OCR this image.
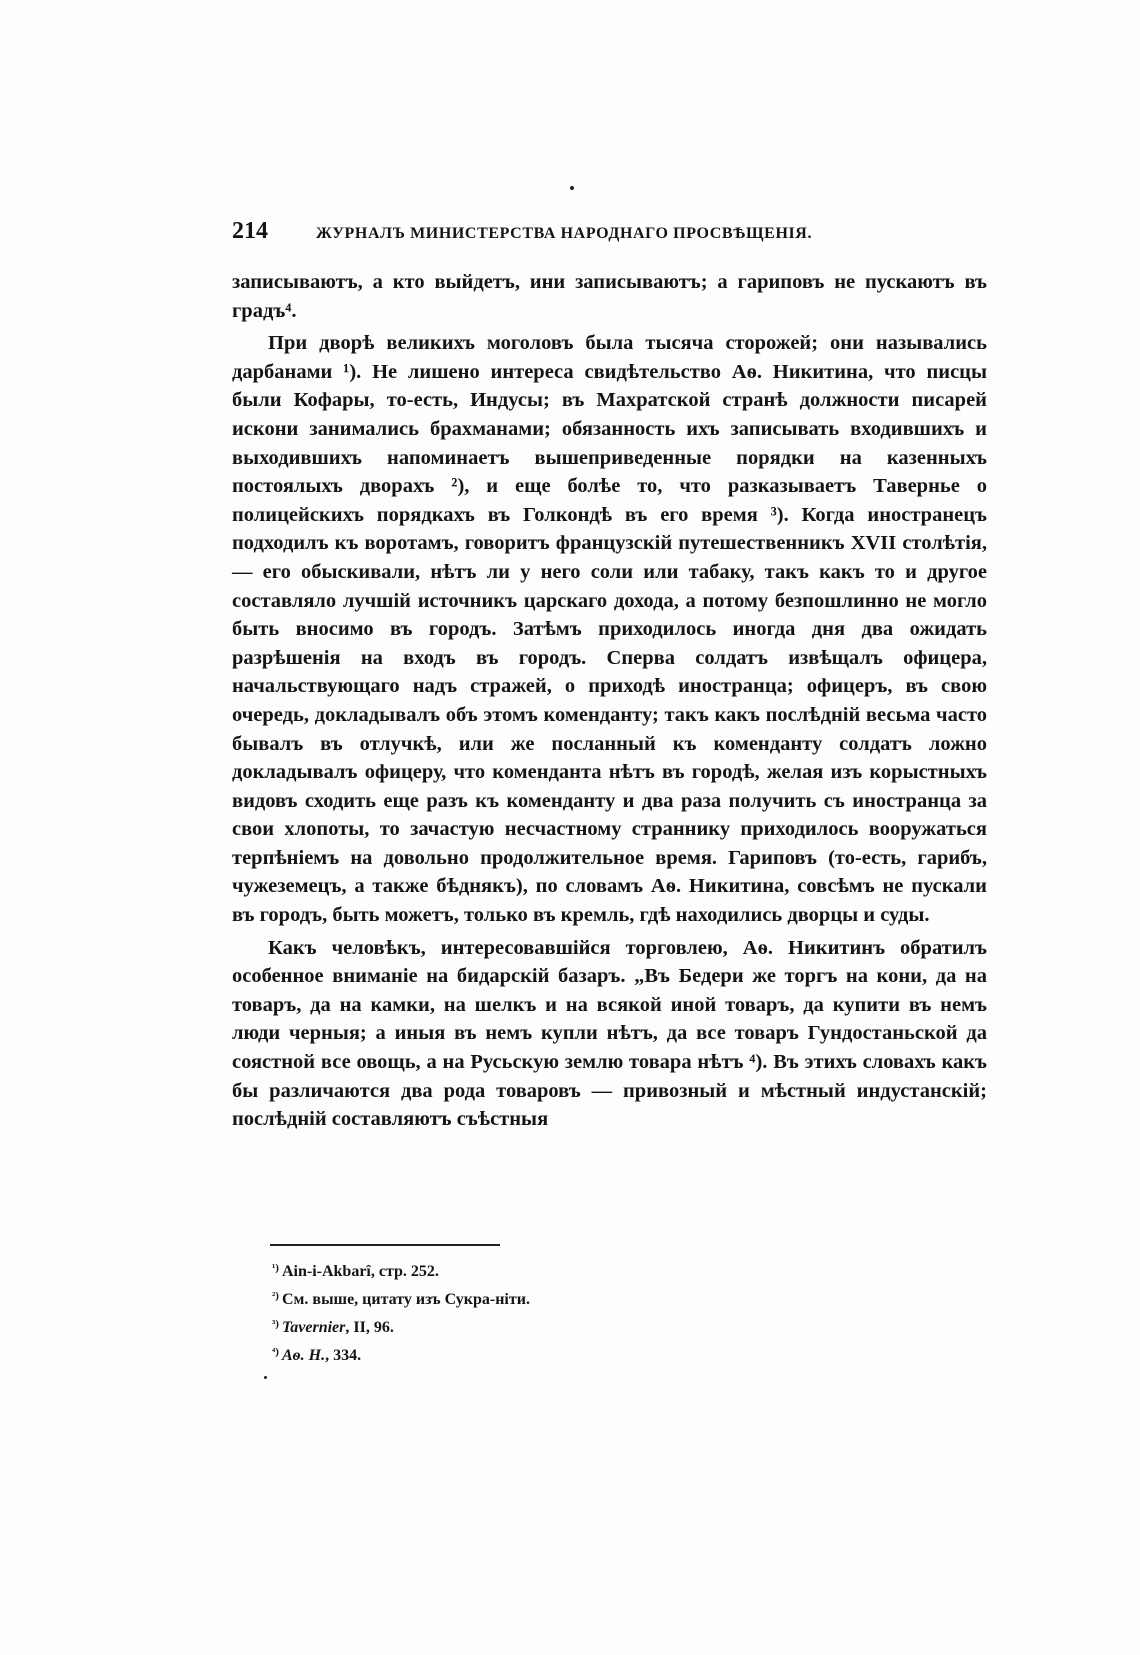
214	ЖУРНАЛЪ МИНИСТЕРСТВА НАРОДНАГО ПРОСВѢЩЕНІЯ.

записываютъ, а кто выйдетъ, ини записываютъ; а гариповъ не пускаютъ въ градъ⁴.

При дворѣ великихъ моголовъ была тысяча сторожей; они назывались дарбанами ¹). Не лишено интереса свидѣтельство Аѳ. Никитина, что писцы были Кофары, то-есть, Индусы; въ Махратской странѣ должности писарей искони занимались брахманами; обязанность ихъ записывать входившихъ и выходившихъ напоминаетъ вышеприведенные порядки на казенныхъ постоялыхъ дворахъ ²), и еще болѣе то, что разказываетъ Тавернье о полицейскихъ порядкахъ въ Голкондѣ въ его время ³). Когда иностранецъ подходилъ къ воротамъ, говоритъ французскій путешественникъ XVII столѣтія, — его обыскивали, нѣтъ ли у него соли или табаку, такъ какъ то и другое составляло лучшій источникъ царскаго дохода, а потому безпошлинно не могло быть вносимо въ городъ. Затѣмъ приходилось иногда дня два ожидать разрѣшенія на входъ въ городъ. Сперва солдатъ извѣщалъ офицера, начальствующаго надъ стражей, о приходѣ иностранца; офицеръ, въ свою очередь, докладывалъ объ этомъ коменданту; такъ какъ послѣдній весьма часто бывалъ въ отлучкѣ, или же посланный къ коменданту солдатъ ложно докладывалъ офицеру, что коменданта нѣтъ въ городѣ, желая изъ корыстныхъ видовъ сходить еще разъ къ коменданту и два раза получить съ иностранца за свои хлопоты, то зачастую несчастному страннику приходилось вооружаться терпѣніемъ на довольно продолжительное время. Гариповъ (то-есть, гарибъ, чужеземецъ, а также бѣднякъ), по словамъ Аѳ. Никитина, совсѣмъ не пускали въ городъ, быть можетъ, только въ кремль, гдѣ находились дворцы и суды.

Какъ человѣкъ, интересовавшійся торговлею, Аѳ. Никитинъ обратилъ особенное вниманіе на бидарскій базаръ. „Въ Бедери же торгъ на кони, да на товаръ, да на камки, на шелкъ и на всякой иной товаръ, да купити въ немъ люди черныя; а иныя въ немъ купли нѣтъ, да все товаръ Гундостаньской да соястной все овощь, а на Русьскую землю товара нѣтъ ⁴). Въ этихъ словахъ какъ бы различаются два рода товаровъ — привозный и мѣстный индустанскій; послѣдній составляютъ съѣстныя

$^{^1)}$ Ain-i-Akbarî, стр. 252.
$^{^2)}$ См. выше, цитату изъ Сукра-нiти.
$^{^3)}$ Tavernier, II, 96.
$^{^4)}$ Аѳ. Н., 334.
